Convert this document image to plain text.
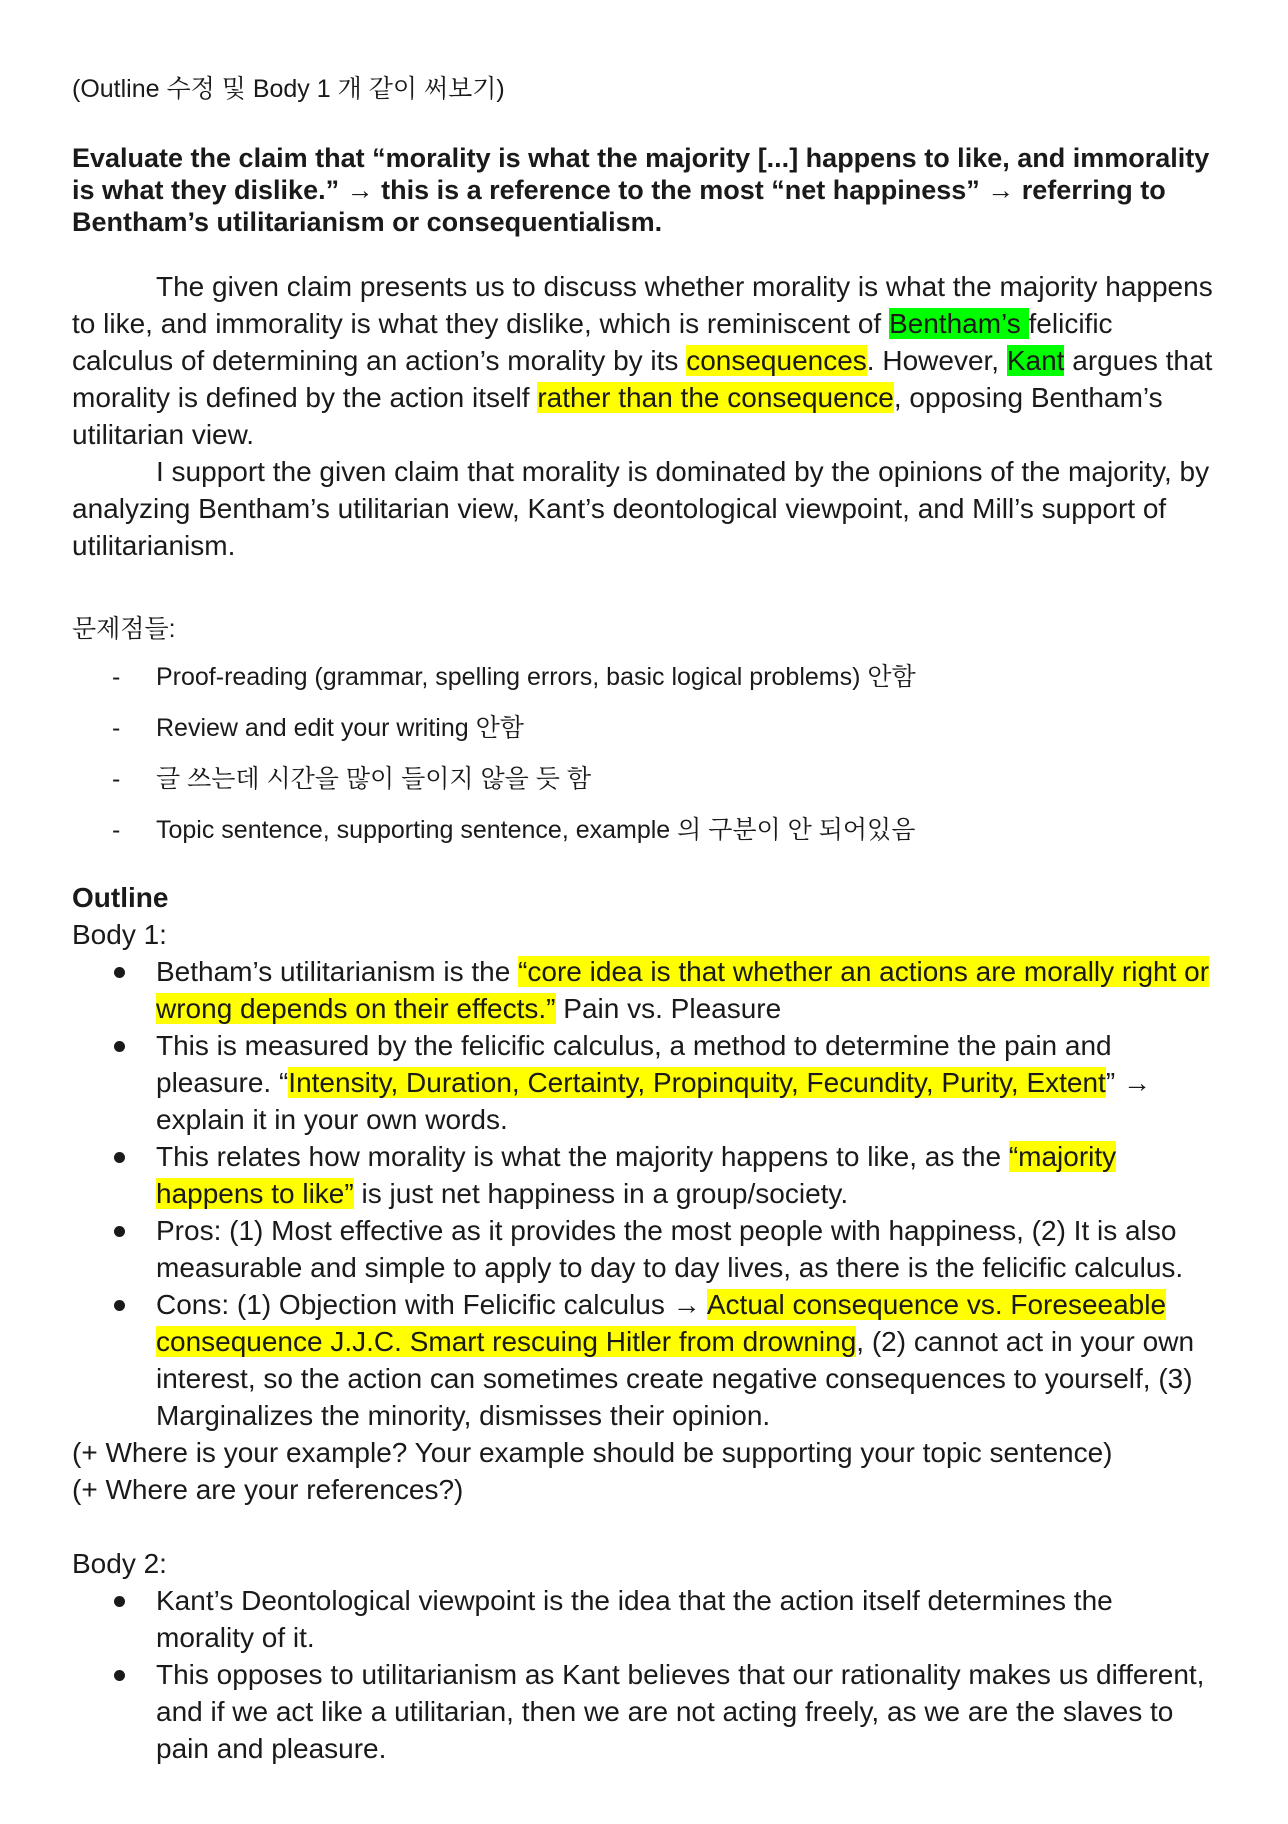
(Outline 수정 및 Body 1 개 같이 써보기)

Evaluate the claim that “morality is what the majority [...] happens to like, and immorality is what they dislike.” → this is a reference to the most “net happiness” → referring to Bentham’s utilitarianism or consequentialism.

The given claim presents us to discuss whether morality is what the majority happens to like, and immorality is what they dislike, which is reminiscent of Bentham’s felicific calculus of determining an action’s morality by its consequences. However, Kant argues that morality is defined by the action itself rather than the consequence, opposing Bentham’s utilitarian view.

I support the given claim that morality is dominated by the opinions of the majority, by analyzing Bentham’s utilitarian view, Kant’s deontological viewpoint, and Mill’s support of utilitarianism.

문제점들:

- Proof-reading (grammar, spelling errors, basic logical problems) 안함
- Review and edit your writing 안함
- 글 쓰는데 시간을 많이 들이지 않을 듯 함
- Topic sentence, supporting sentence, example 의 구분이 안 되어있음

Outline

Body 1:

Betham’s utilitarianism is the “core idea is that whether an actions are morally right or wrong depends on their effects.” Pain vs. Pleasure
This is measured by the felicific calculus, a method to determine the pain and pleasure. “Intensity, Duration, Certainty, Propinquity, Fecundity, Purity, Extent” → explain it in your own words.
This relates how morality is what the majority happens to like, as the “majority happens to like” is just net happiness in a group/society.
Pros: (1) Most effective as it provides the most people with happiness, (2) It is also measurable and simple to apply to day to day lives, as there is the felicific calculus.
Cons: (1) Objection with Felicific calculus → Actual consequence vs. Foreseeable consequence J.J.C. Smart rescuing Hitler from drowning, (2) cannot act in your own interest, so the action can sometimes create negative consequences to yourself, (3) Marginalizes the minority, dismisses their opinion.

(+ Where is your example? Your example should be supporting your topic sentence)

(+ Where are your references?)

Body 2:

Kant’s Deontological viewpoint is the idea that the action itself determines the morality of it.
This opposes to utilitarianism as Kant believes that our rationality makes us different, and if we act like a utilitarian, then we are not acting freely, as we are the slaves to pain and pleasure.
